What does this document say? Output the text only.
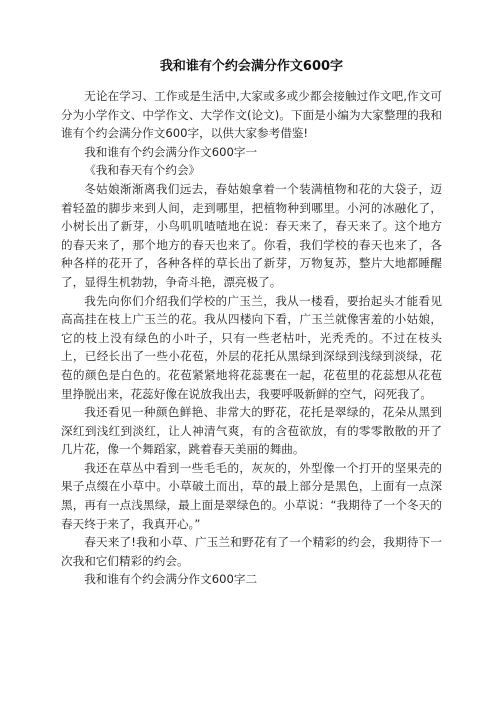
我和谁有个约会满分作文600字

无论在学习、工作或是生活中,大家或多或少都会接触过作文吧,作文可分为小学作文、中学作文、大学作文(论文)。下面是小编为大家整理的我和谁有个约会满分作文600字，以供大家参考借鉴!

我和谁有个约会满分作文600字一

《我和春天有个约会》

冬姑娘渐渐离我们远去，春姑娘拿着一个装满植物和花的大袋子，迈着轻盈的脚步来到人间，走到哪里，把植物种到哪里。小河的冰融化了，小树长出了新芽，小鸟叽叽喳喳地在说：春天来了，春天来了。这个地方的春天来了，那个地方的春天也来了。你看，我们学校的春天也来了，各种各样的花开了，各种各样的草长出了新芽，万物复苏，整片大地都睡醒了，显得生机勃勃，争奇斗艳，漂亮极了。

我先向你们介绍我们学校的广玉兰，我从一楼看，要抬起头才能看见高高挂在枝上广玉兰的花。我从四楼向下看，广玉兰就像害羞的小姑娘，它的枝上没有绿色的小叶子，只有一些老枯叶，光秃秃的。不过在枝头上，已经长出了一些小花苞，外层的花托从黑绿到深绿到浅绿到淡绿，花苞的颜色是白色的。花苞紧紧地将花蕊裹在一起，花苞里的花蕊想从花苞里挣脱出来，花蕊好像在说放我出去，我要呼吸新鲜的空气，闷死我了。

我还看见一种颜色鲜艳、非常大的野花，花托是翠绿的，花朵从黑到深红到浅红到淡红，让人神清气爽，有的含苞欲放，有的零零散散的开了几片花，像一个舞蹈家，跳着春天美丽的舞曲。

我还在草丛中看到一些毛毛的，灰灰的，外型像一个打开的坚果壳的果子点缀在小草中。小草破土而出，草的最上部分是黑色，上面有一点深黑，再有一点浅黑绿，最上面是翠绿色的。小草说：“我期待了一个冬天的春天终于来了，我真开心。”

春天来了!我和小草、广玉兰和野花有了一个精彩的约会，我期待下一次我和它们精彩的约会。

我和谁有个约会满分作文600字二
